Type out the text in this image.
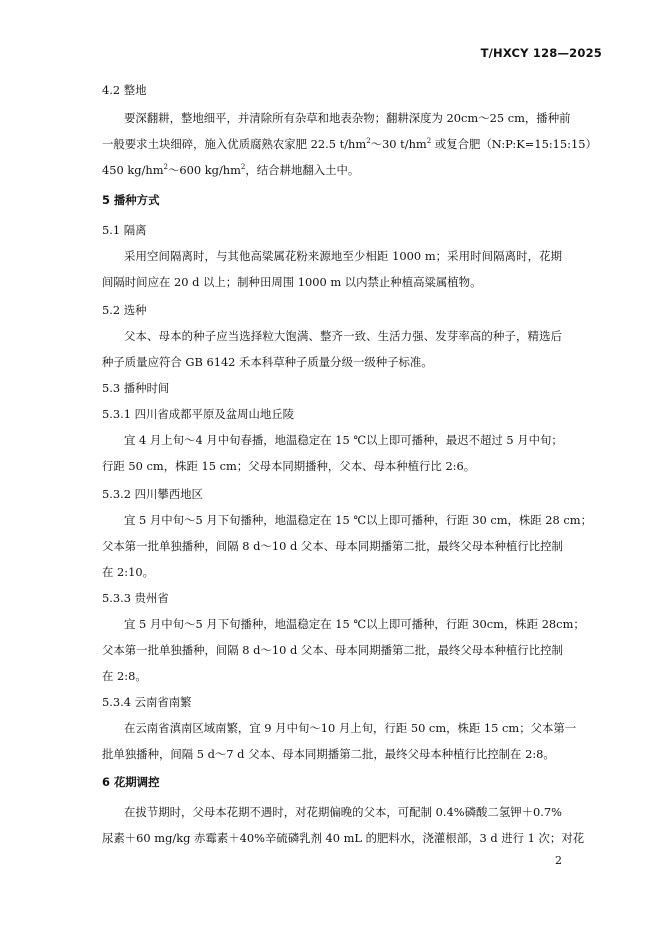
T/HXCY 128—2025
4.2 整地
要深翻耕，整地细平，并清除所有杂草和地表杂物；翻耕深度为 20cm～25 cm，播种前
一般要求土块细碎，施入优质腐熟农家肥 22.5 $t/hm^2\sim 30$ $t/hm^2$ 或复合肥（N:P:K=15:15:15）
450 $kg/hm^2\sim 600$ $kg/hm^2$，结合耕地翻入土中。
5 播种方式
5.1 隔离
采用空间隔离时，与其他高粱属花粉来源地至少相距 1000 m；采用时间隔离时，花期
间隔时间应在 20 d 以上；制种田周围 1000 m 以内禁止种植高粱属植物。
5.2 选种
父本、母本的种子应当选择粒大饱满、整齐一致、生活力强、发芽率高的种子，精选后
种子质量应符合 GB 6142 禾本科草种子质量分级一级种子标准。
5.3 播种时间
5.3.1 四川省成都平原及盆周山地丘陵
宜 4 月上旬～4 月中旬春播，地温稳定在 15 ℃以上即可播种，最迟不超过 5 月中旬；
行距 50 cm，株距 15 cm；父母本同期播种，父本、母本种植行比 2:6。
5.3.2 四川攀西地区
宜 5 月中旬～5 月下旬播种，地温稳定在 15 ℃以上即可播种，行距 30 cm，株距 28 cm；
父本第一批单独播种，间隔 8 d～10 d 父本、母本同期播第二批，最终父母本种植行比控制
在 2:10。
5.3.3 贵州省
宜 5 月中旬～5 月下旬播种，地温稳定在 15 ℃以上即可播种，行距 30cm，株距 28cm；
父本第一批单独播种，间隔 8 d～10 d 父本、母本同期播第二批，最终父母本种植行比控制
在 2:8。
5.3.4 云南省南繁
在云南省滇南区域南繁，宜 9 月中旬～10 月上旬，行距 50 cm，株距 15 cm；父本第一
批单独播种，间隔 5 d～7 d 父本、母本同期播第二批，最终父母本种植行比控制在 2:8。
6 花期调控
在拔节期时，父母本花期不遇时，对花期偏晚的父本，可配制 0.4%磷酸二氢钾＋0.7%
尿素＋60 mg/kg 赤霉素＋40%辛硫磷乳剂 40 mL 的肥料水，浇灌根部，3 d 进行 1 次；对花
2
